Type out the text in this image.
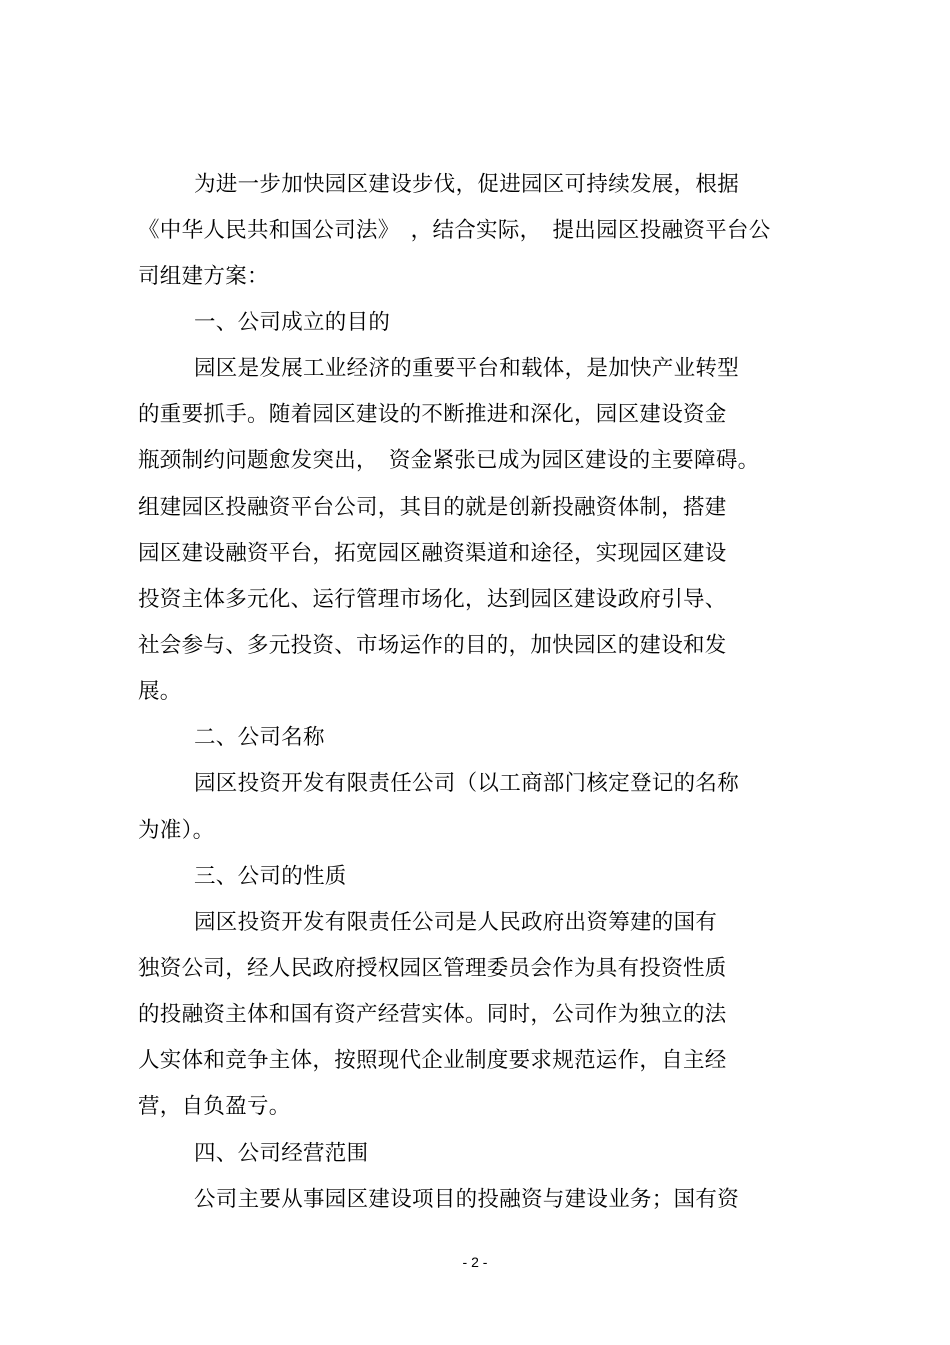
为进一步加快园区建设步伐，促进园区可持续发展，根据
《中华人民共和国公司法》　，结合实际，　提出园区投融资平台公
司组建方案：
一、公司成立的目的
园区是发展工业经济的重要平台和载体，是加快产业转型
的重要抓手。随着园区建设的不断推进和深化，园区建设资金
瓶颈制约问题愈发突出，　资金紧张已成为园区建设的主要障碍。
组建园区投融资平台公司，其目的就是创新投融资体制，搭建
园区建设融资平台，拓宽园区融资渠道和途径，实现园区建设
投资主体多元化、运行管理市场化，达到园区建设政府引导、
社会参与、多元投资、市场运作的目的，加快园区的建设和发
展。
二、公司名称
园区投资开发有限责任公司（以工商部门核定登记的名称
为准）。
三、公司的性质
园区投资开发有限责任公司是人民政府出资筹建的国有
独资公司，经人民政府授权园区管理委员会作为具有投资性质
的投融资主体和国有资产经营实体。同时，公司作为独立的法
人实体和竞争主体，按照现代企业制度要求规范运作，自主经
营，自负盈亏。
四、公司经营范围
公司主要从事园区建设项目的投融资与建设业务；国有资
- 2 -
